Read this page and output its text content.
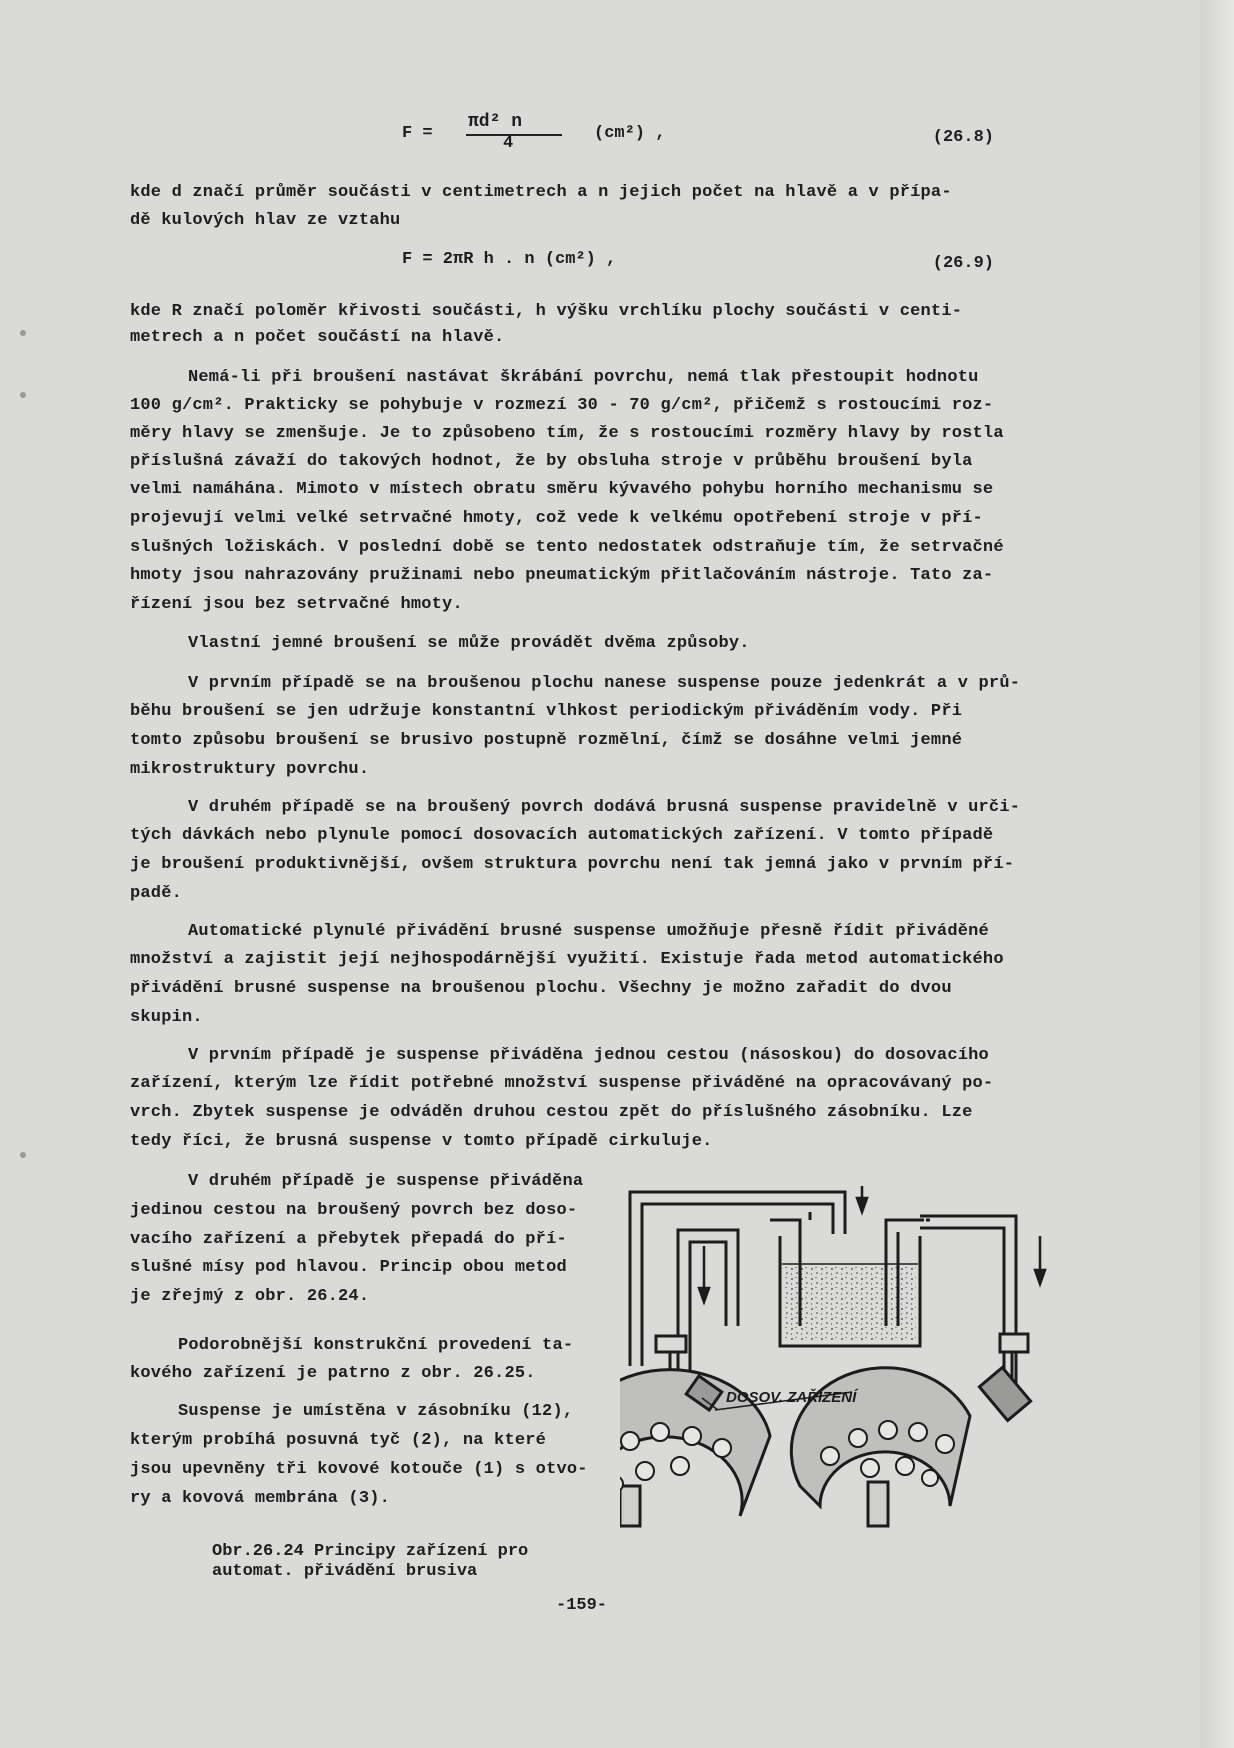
F =
πd² n
4
(cm²) ,	(26.8)
kde d značí průměr součásti v centimetrech a n jejich počet na hlavě a v přípa-
dě kulových hlav ze vztahu
F = 2πR h . n (cm²) ,	(26.9)
kde R značí poloměr křivosti součásti, h výšku vrchlíku plochy součásti v centi-
metrech a n počet součástí na hlavě.
Nemá-li při broušení nastávat škrábání povrchu, nemá tlak přestoupit hodnotu
100 g/cm². Prakticky se pohybuje v rozmezí 30 - 70 g/cm², přičemž s rostoucími roz-
měry hlavy se zmenšuje. Je to způsobeno tím, že s rostoucími rozměry hlavy by rostla
příslušná závaží do takových hodnot, že by obsluha stroje v průběhu broušení byla
velmi namáhána. Mimoto v místech obratu směru kývavého pohybu horního mechanismu se
projevují velmi velké setrvačné hmoty, což vede k velkému opotřebení stroje v pří-
slušných ložiskách. V poslední době se tento nedostatek odstraňuje tím, že setrvačné
hmoty jsou nahrazovány pružinami nebo pneumatickým přitlačováním nástroje. Tato za-
řízení jsou bez setrvačné hmoty.
Vlastní jemné broušení se může provádět dvěma způsoby.
V prvním případě se na broušenou plochu nanese suspense pouze jedenkrát a v prů-
běhu broušení se jen udržuje konstantní vlhkost periodickým přiváděním vody. Při
tomto způsobu broušení se brusivo postupně rozmělní, čímž se dosáhne velmi jemné
mikrostruktury povrchu.
V druhém případě se na broušený povrch dodává brusná suspense pravidelně v urči-
tých dávkách nebo plynule pomocí dosovacích automatických zařízení. V tomto případě
je broušení produktivnější, ovšem struktura povrchu není tak jemná jako v prvním pří-
padě.
Automatické plynulé přivádění brusné suspense umožňuje přesně řídit přiváděné
množství a zajistit její nejhospodárnější využití. Existuje řada metod automatického
přivádění brusné suspense na broušenou plochu. Všechny je možno zařadit do dvou
skupin.
V prvním případě je suspense přiváděna jednou cestou (násoskou) do dosovacího
zařízení, kterým lze řídit potřebné množství suspense přiváděné na opracovávaný po-
vrch. Zbytek suspense je odváděn druhou cestou zpět do příslušného zásobníku. Lze
tedy říci, že brusná suspense v tomto případě cirkuluje.
V druhém případě je suspense přiváděna
jedinou cestou na broušený povrch bez doso-
vacího zařízení a přebytek přepadá do pří-
slušné mísy pod hlavou. Princip obou metod
je zřejmý z obr. 26.24.
Podorobnější konstrukční provedení ta-
kového zařízení je patrno z obr. 26.25.
Suspense je umístěna v zásobníku (12),
kterým probíhá posuvná tyč (2), na které
jsou upevněny tři kovové kotouče (1) s otvo-
ry a kovová membrána (3).
DOSOV. ZAŘÍZENÍ
Obr.26.24 Principy zařízení pro
automat. přivádění brusiva
-159-
